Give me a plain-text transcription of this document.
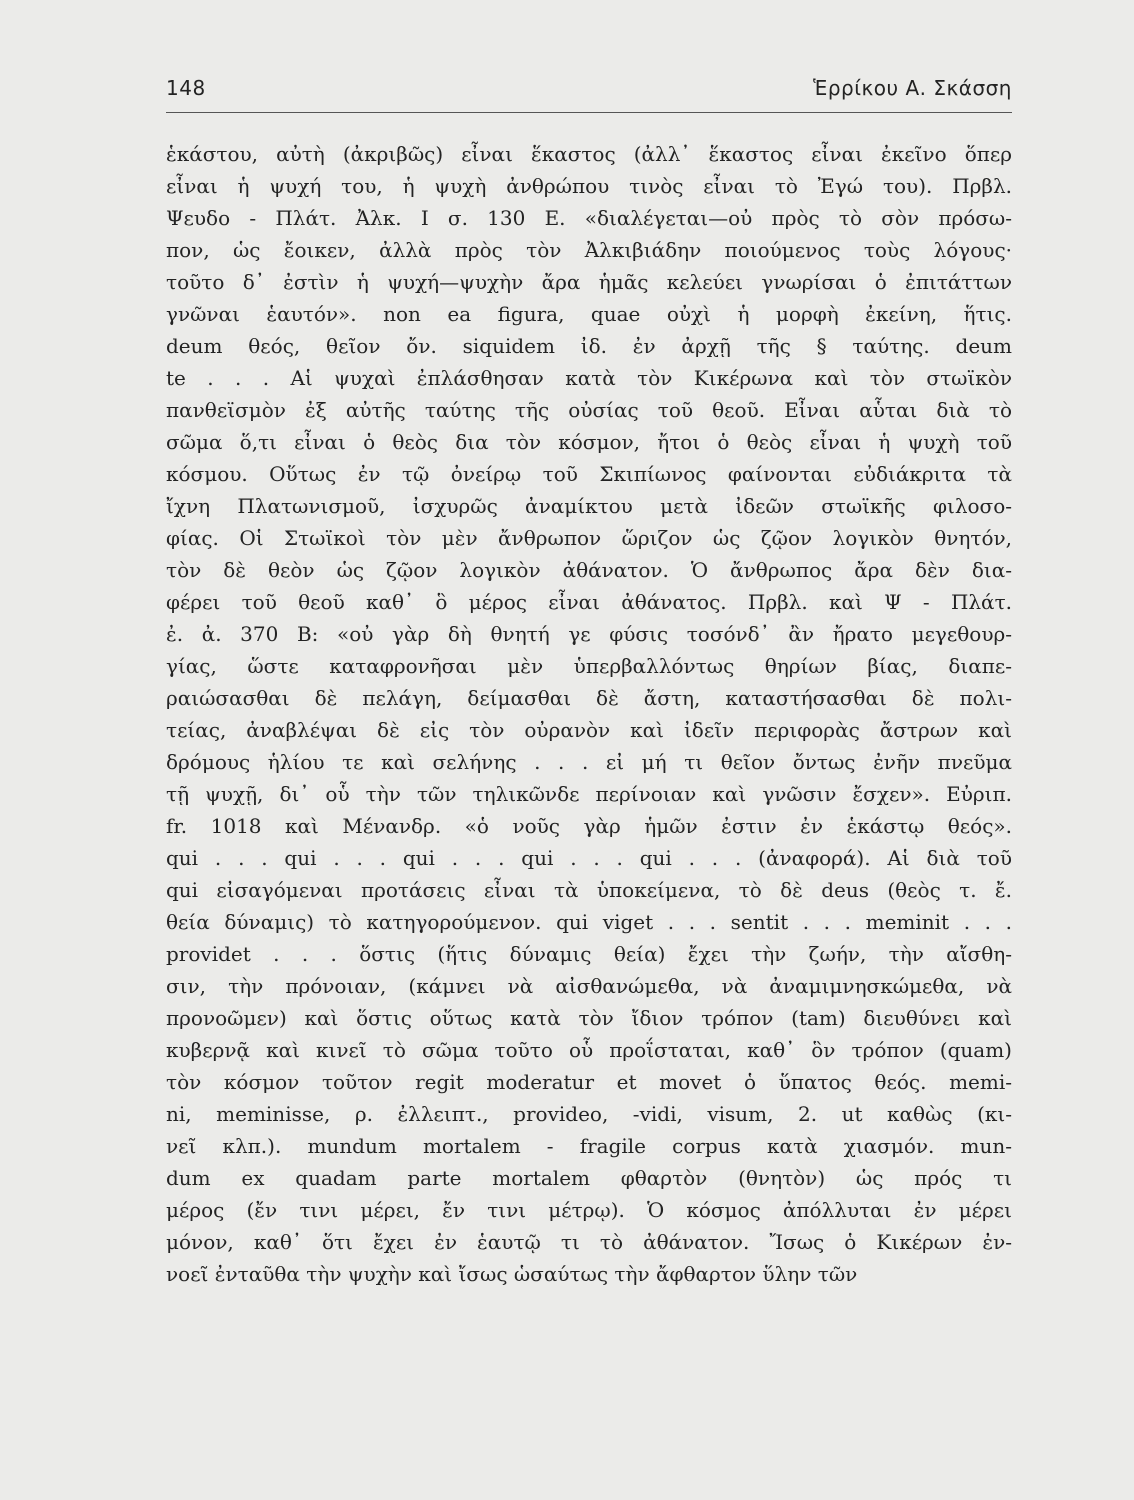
148	Ἑρρίκου Α. Σκάσση
ἑκάστου, αὐτὴ (ἀκριβῶς) εἶναι ἕκαστος (ἀλλ᾽ ἕκαστος εἶναι ἐκεῖνο ὅπερ
εἶναι ἡ ψυχή του, ἡ ψυχὴ ἀνθρώπου τινὸς εἶναι τὸ Ἐγώ του). Πρβλ.
Ψευδο - Πλάτ. Ἀλκ. Ι σ. 130 Ε. «διαλέγεται—οὐ πρὸς τὸ σὸν πρόσω-
πον, ὡς ἔοικεν, ἀλλὰ πρὸς τὸν Ἀλκιβιάδην ποιούμενος τοὺς λόγους·
τοῦτο δ᾽ ἐστὶν ἡ ψυχή—ψυχὴν ἄρα ἡμᾶς κελεύει γνωρίσαι ὁ ἐπιτάττων
γνῶναι ἑαυτόν». non ea figura, quae οὐχὶ ἡ μορφὴ ἐκείνη, ἥτις.
deum θεός, θεῖον ὄν. siquidem ἰδ. ἐν ἀρχῇ τῆς § ταύτης. deum
te . . . Αἱ ψυχαὶ ἐπλάσθησαν κατὰ τὸν Κικέρωνα καὶ τὸν στωϊκὸν
πανθεϊσμὸν ἐξ αὐτῆς ταύτης τῆς οὐσίας τοῦ θεοῦ. Εἶναι αὗται διὰ τὸ
σῶμα ὅ,τι εἶναι ὁ θεὸς δια τὸν κόσμον, ἤτοι ὁ θεὸς εἶναι ἡ ψυχὴ τοῦ
κόσμου. Οὕτως ἐν τῷ ὀνείρῳ τοῦ Σκιπίωνος φαίνονται εὐδιάκριτα τὰ
ἴχνη Πλατωνισμοῦ, ἰσχυρῶς ἀναμίκτου μετὰ ἰδεῶν στωϊκῆς φιλοσο-
φίας. Οἱ Στωϊκοὶ τὸν μὲν ἄνθρωπον ὥριζον ὡς ζῷον λογικὸν θνητόν,
τὸν δὲ θεὸν ὡς ζῷον λογικὸν ἀθάνατον. Ὁ ἄνθρωπος ἄρα δὲν δια-
φέρει τοῦ θεοῦ καθ᾽ ὃ μέρος εἶναι ἀθάνατος. Πρβλ. καὶ Ψ - Πλάτ.
ἐ. ἀ. 370 Β: «οὐ γὰρ δὴ θνητή γε φύσις τοσόνδ᾽ ἂν ἤρατο μεγεθουρ-
γίας, ὥστε καταφρονῆσαι μὲν ὑπερβαλλόντως θηρίων βίας, διαπε-
ραιώσασθαι δὲ πελάγη, δείμασθαι δὲ ἄστη, καταστήσασθαι δὲ πολι-
τείας, ἀναβλέψαι δὲ εἰς τὸν οὐρανὸν καὶ ἰδεῖν περιφορὰς ἄστρων καὶ
δρόμους ἡλίου τε καὶ σελήνης . . . εἰ μή τι θεῖον ὄντως ἐνῆν πνεῦμα
τῇ ψυχῇ, δι᾽ οὗ τὴν τῶν τηλικῶνδε περίνοιαν καὶ γνῶσιν ἔσχεν». Εὐριπ.
fr. 1018 καὶ Μένανδρ. «ὁ νοῦς γὰρ ἡμῶν ἐστιν ἐν ἑκάστῳ θεός».
qui . . . qui . . . qui . . . qui . . . qui . . . (ἀναφορά). Αἱ διὰ τοῦ
qui εἰσαγόμεναι προτάσεις εἶναι τὰ ὑποκείμενα, τὸ δὲ deus (θεὸς τ. ἔ.
θεία δύναμις) τὸ κατηγορούμενον. qui viget . . . sentit . . . meminit . . .
providet . . . ὅστις (ἥτις δύναμις θεία) ἔχει τὴν ζωήν, τὴν αἴσθη-
σιν, τὴν πρόνοιαν, (κάμνει νὰ αἰσθανώμεθα, νὰ ἀναμιμνησκώμεθα, νὰ
προνοῶμεν) καὶ ὅστις οὕτως κατὰ τὸν ἴδιον τρόπον (tam) διευθύνει καὶ
κυβερνᾷ καὶ κινεῖ τὸ σῶμα τοῦτο οὗ προΐσταται, καθ᾽ ὃν τρόπον (quam)
τὸν κόσμον τοῦτον regit moderatur et movet ὁ ὕπατος θεός. memi-
ni, meminisse, ρ. ἐλλειπτ., provideo, -vidi, visum, 2. ut καθὼς (κι-
νεῖ κλπ.). mundum mortalem - fragile corpus κατὰ χιασμόν. mun-
dum ex quadam parte mortalem φθαρτὸν (θνητὸν) ὡς πρός τι
μέρος (ἔν τινι μέρει, ἔν τινι μέτρῳ). Ὁ κόσμος ἀπόλλυται ἐν μέρει
μόνον, καθ᾽ ὅτι ἔχει ἐν ἑαυτῷ τι τὸ ἀθάνατον. Ἴσως ὁ Κικέρων ἐν-
νοεῖ ἐνταῦθα τὴν ψυχὴν καὶ ἴσως ὡσαύτως τὴν ἄφθαρτον ὕλην τῶν
